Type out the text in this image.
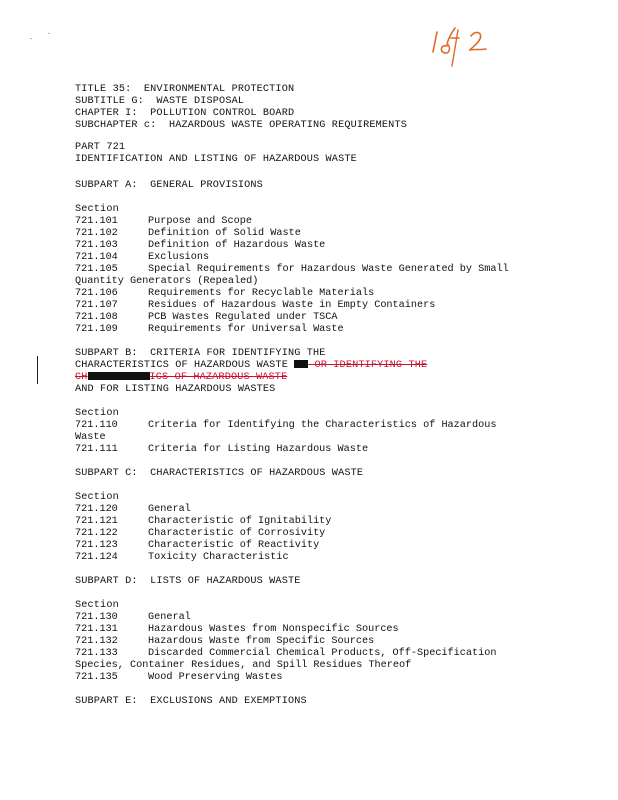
TITLE 35:  ENVIRONMENTAL PROTECTION
SUBTITLE G:  WASTE DISPOSAL
CHAPTER I:  POLLUTION CONTROL BOARD
SUBCHAPTER c:  HAZARDOUS WASTE OPERATING REQUIREMENTS
PART 721
IDENTIFICATION AND LISTING OF HAZARDOUS WASTE
SUBPART A:  GENERAL PROVISIONS
Section
721.101	Purpose and Scope
721.102	Definition of Solid Waste
721.103	Definition of Hazardous Waste
721.104	Exclusions
721.105	Special Requirements for Hazardous Waste Generated by Small
Quantity Generators (Repealed)
721.106	Requirements for Recyclable Materials
721.107	Residues of Hazardous Waste in Empty Containers
721.108	PCB Wastes Regulated under TSCA
721.109	Requirements for Universal Waste
SUBPART B:  CRITERIA FOR IDENTIFYING THE
CHARACTERISTICS OF HAZARDOUS WASTE  OR IDENTIFYING THE
CH	ICS OF HAZARDOUS WASTE
AND FOR LISTING HAZARDOUS WASTES
Section
721.110	Criteria for Identifying the Characteristics of Hazardous
Waste
721.111	Criteria for Listing Hazardous Waste
SUBPART C:  CHARACTERISTICS OF HAZARDOUS WASTE
Section
721.120	General
721.121	Characteristic of Ignitability
721.122	Characteristic of Corrosivity
721.123	Characteristic of Reactivity
721.124	Toxicity Characteristic
SUBPART D:  LISTS OF HAZARDOUS WASTE
Section
721.130	General
721.131	Hazardous Wastes from Nonspecific Sources
721.132	Hazardous Waste from Specific Sources
721.133	Discarded Commercial Chemical Products, Off-Specification
Species, Container Residues, and Spill Residues Thereof
721.135	Wood Preserving Wastes
SUBPART E:  EXCLUSIONS AND EXEMPTIONS
